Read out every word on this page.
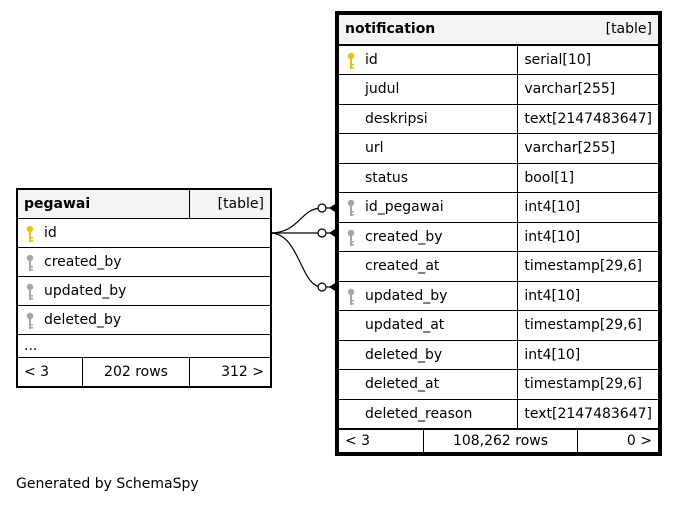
pegawai		[table]

id		

created_by		

updated_by		

deleted_by		
...		
< 3	202 rows	312 >
notification	[table]
id	serial[10]
judul	varchar[255]
deskripsi	text[2147483647]
url	varchar[255]
status	bool[1]

id_pegawai	int4[10]

created_by	int4[10]
created_at	timestamp[29,6]

updated_by	int4[10]
updated_at	timestamp[29,6]
deleted_by	int4[10]
deleted_at	timestamp[29,6]
deleted_reason	text[2147483647]
< 3	108,262 rows	0 >
Generated by SchemaSpy
